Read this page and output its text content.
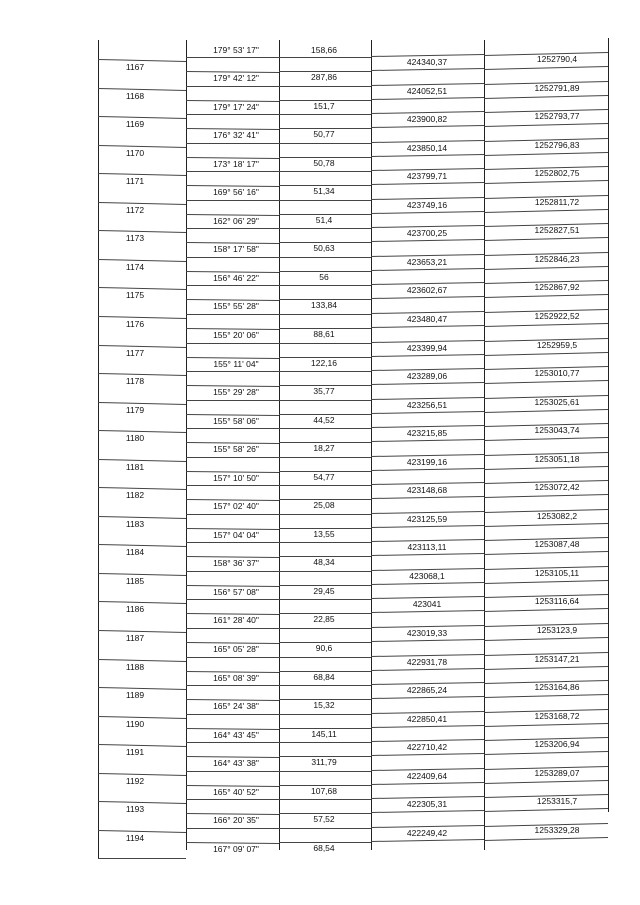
179° 53' 17"	158,66
1167	424340,37	1252790,4
179° 42' 12"	287,86
1168	424052,51	1252791,89
179° 17' 24"	151,7
1169	423900,82	1252793,77
176° 32' 41"	50,77
1170	423850,14	1252796,83
173° 18' 17"	50,78
1171	423799,71	1252802,75
169° 56' 16"	51,34
1172	423749,16	1252811,72
162° 06' 29"	51,4
1173	423700,25	1252827,51
158° 17' 58"	50,63
1174	423653,21	1252846,23
156° 46' 22"	56
1175	423602,67	1252867,92
155° 55' 28"	133,84
1176	423480,47	1252922,52
155° 20' 06"	88,61
1177	423399,94	1252959,5
155° 11' 04"	122,16
1178	423289,06	1253010,77
155° 29' 28"	35,77
1179	423256,51	1253025,61
155° 58' 06"	44,52
1180	423215,85	1253043,74
155° 58' 26"	18,27
1181	423199,16	1253051,18
157° 10' 50"	54,77
1182	423148,68	1253072,42
157° 02' 40"	25,08
1183	423125,59	1253082,2
157° 04' 04"	13,55
1184	423113,11	1253087,48
158° 36' 37"	48,34
1185	423068,1	1253105,11
156° 57' 08"	29,45
1186	423041	1253116,64
161° 28' 40"	22,85
1187	423019,33	1253123,9
165° 05' 28"	90,6
1188	422931,78	1253147,21
165° 08' 39"	68,84
1189	422865,24	1253164,86
165° 24' 38"	15,32
1190	422850,41	1253168,72
164° 43' 45"	145,11
1191	422710,42	1253206,94
164° 43' 38"	311,79
1192	422409,64	1253289,07
165° 40' 52"	107,68
1193	422305,31	1253315,7
166° 20' 35"	57,52
1194	422249,42	1253329,28
167° 09' 07"	68,54
